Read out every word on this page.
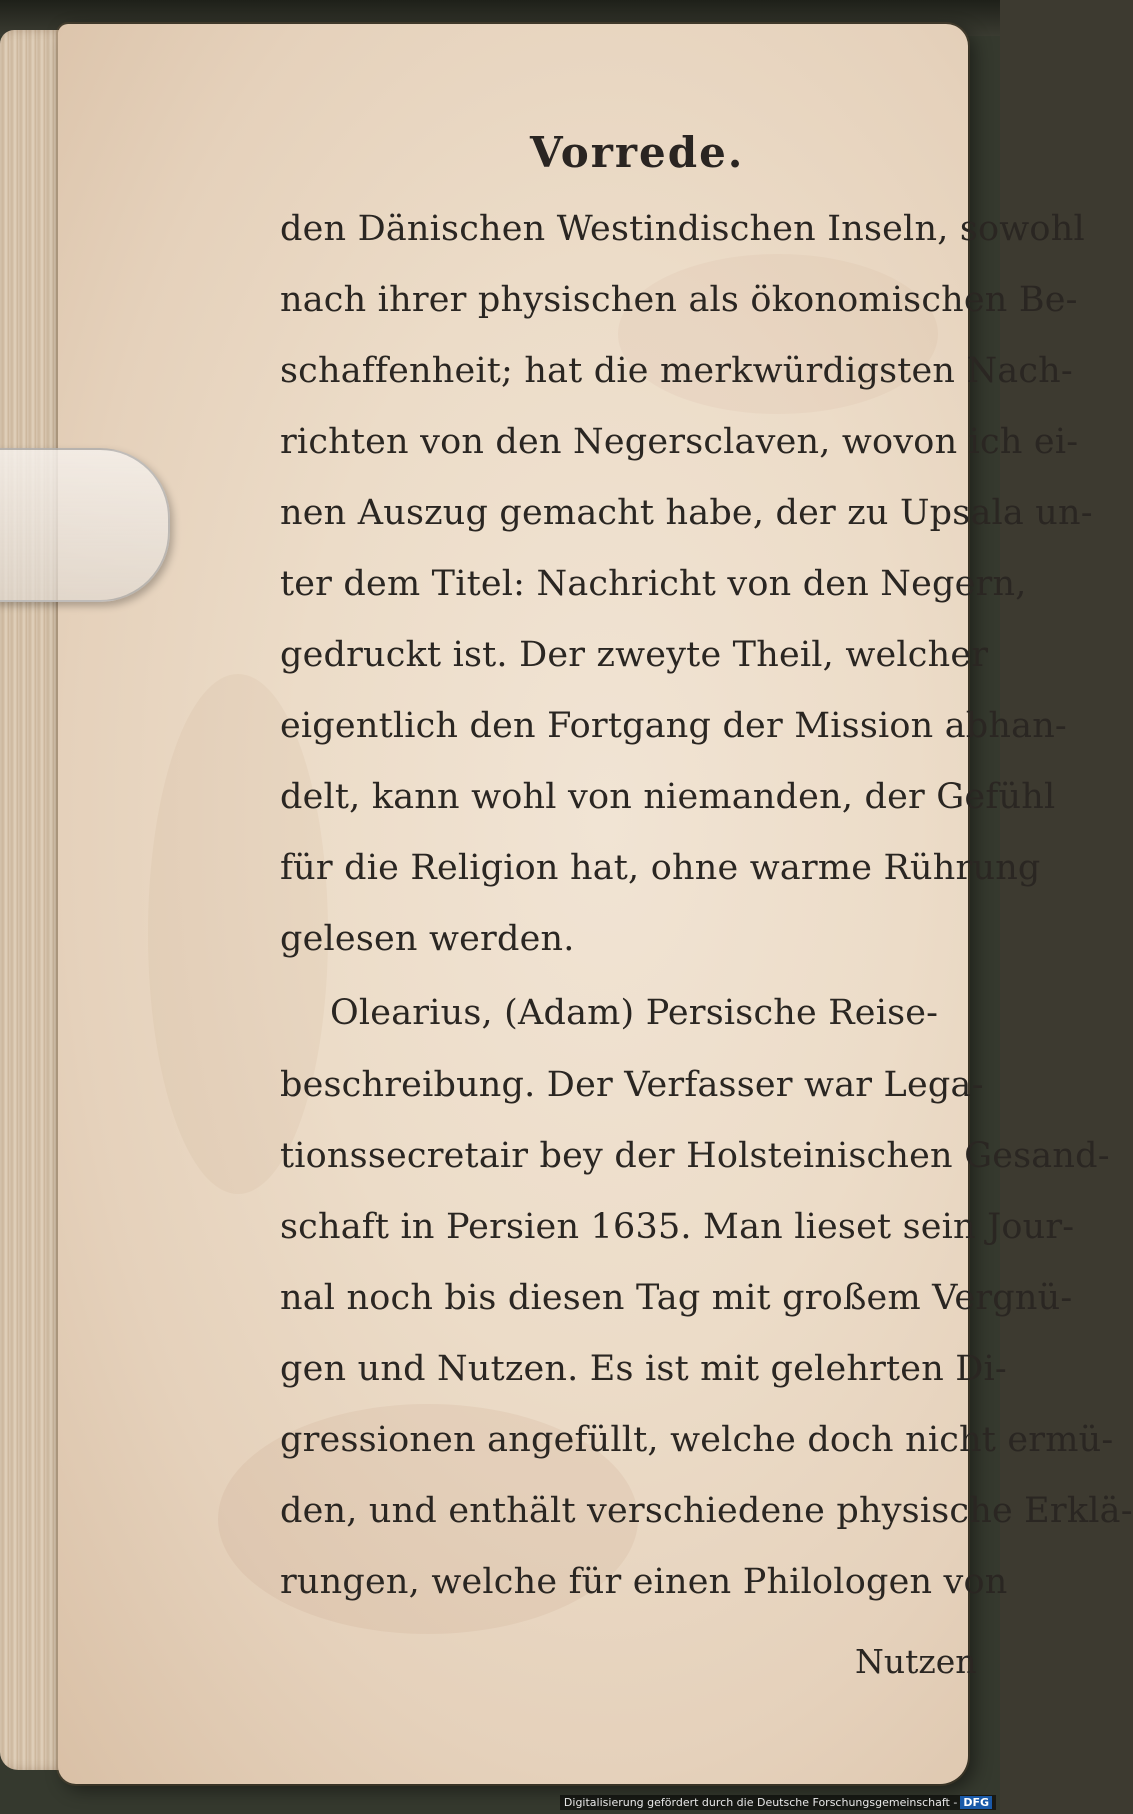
Vorrede.
den Dänischen Westindischen Inseln, sowohl
nach ihrer physischen als ökonomischen Be-
schaffenheit; hat die merkwürdigsten Nach-
richten von den Negersclaven, wovon ich ei-
nen Auszug gemacht habe, der zu Upsala un-
ter dem Titel: Nachricht von den Negern,
gedruckt ist. Der zweyte Theil, welcher
eigentlich den Fortgang der Mission abhan-
delt, kann wohl von niemanden, der Gefühl
für die Religion hat, ohne warme Rührung
gelesen werden.
Olearius, (Adam) Persische Reise-
beschreibung. Der Verfasser war Lega-
tionssecretair bey der Holsteinischen Gesand-
schaft in Persien 1635. Man lieset sein Jour-
nal noch bis diesen Tag mit großem Vergnü-
gen und Nutzen. Es ist mit gelehrten Di-
gressionen angefüllt, welche doch nicht ermü-
den, und enthält verschiedene physische Erklä-
rungen, welche für einen Philologen von
Nutzen
Digitalisierung gefördert durch die Deutsche Forschungsgemeinschaft - DFG
